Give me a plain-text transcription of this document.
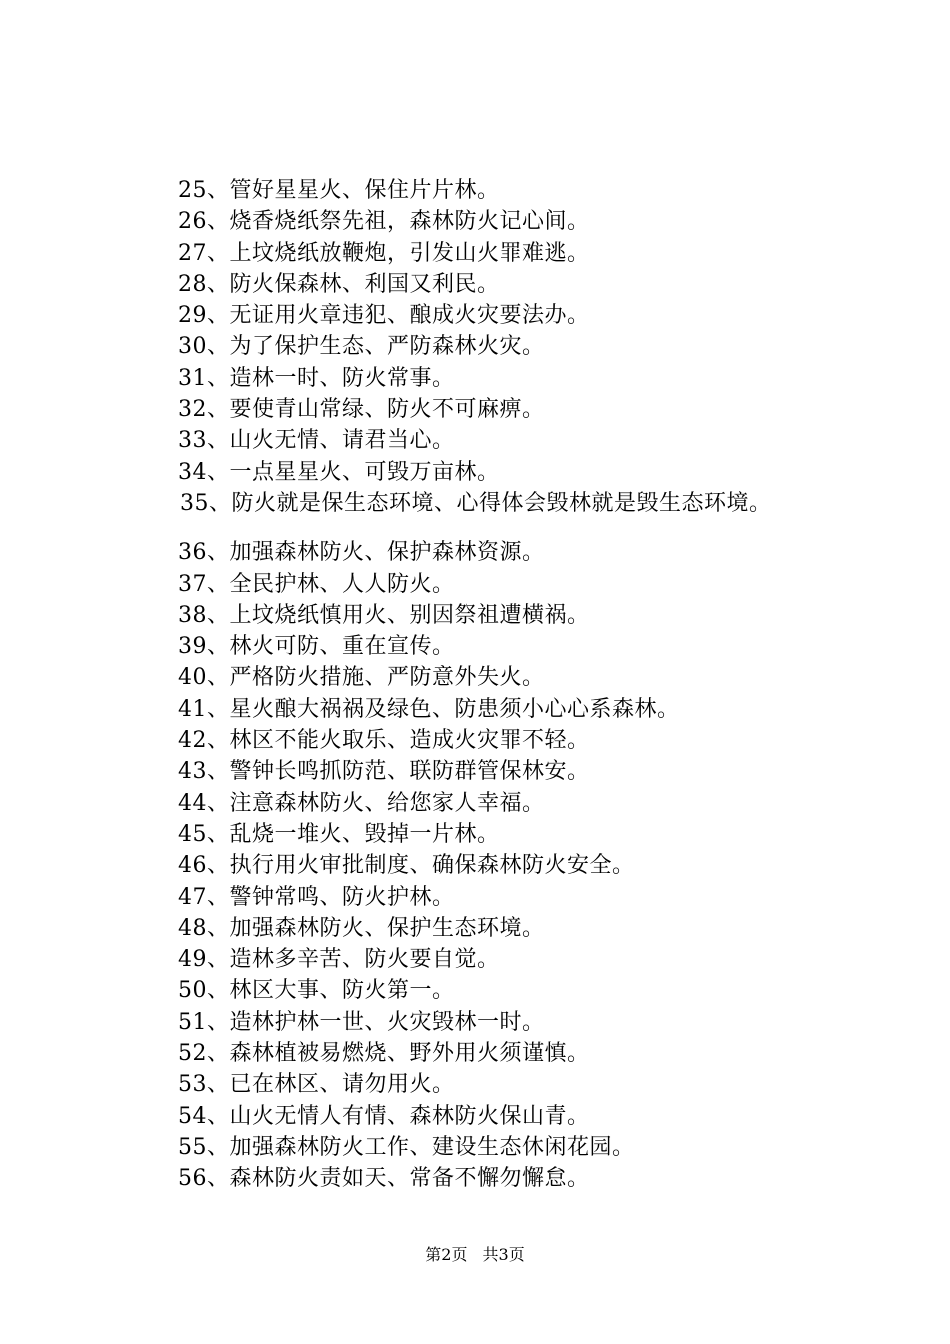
25、管好星星火、保住片片林。
26、烧香烧纸祭先祖，森林防火记心间。
27、上坟烧纸放鞭炮，引发山火罪难逃。
28、防火保森林、利国又利民。
29、无证用火章违犯、酿成火灾要法办。
30、为了保护生态、严防森林火灾。
31、造林一时、防火常事。
32、要使青山常绿、防火不可麻痹。
33、山火无情、请君当心。
34、一点星星火、可毁万亩林。
35、防火就是保生态环境、心得体会毁林就是毁生态环境。
36、加强森林防火、保护森林资源。
37、全民护林、人人防火。
38、上坟烧纸慎用火、别因祭祖遭横祸。
39、林火可防、重在宣传。
40、严格防火措施、严防意外失火。
41、星火酿大祸祸及绿色、防患须小心心系森林。
42、林区不能火取乐、造成火灾罪不轻。
43、警钟长鸣抓防范、联防群管保林安。
44、注意森林防火、给您家人幸福。
45、乱烧一堆火、毁掉一片林。
46、执行用火审批制度、确保森林防火安全。
47、警钟常鸣、防火护林。
48、加强森林防火、保护生态环境。
49、造林多辛苦、防火要自觉。
50、林区大事、防火第一。
51、造林护林一世、火灾毁林一时。
52、森林植被易燃烧、野外用火须谨慎。
53、已在林区、请勿用火。
54、山火无情人有情、森林防火保山青。
55、加强森林防火工作、建设生态休闲花园。
56、森林防火责如天、常备不懈勿懈怠。
第2页 共3页
